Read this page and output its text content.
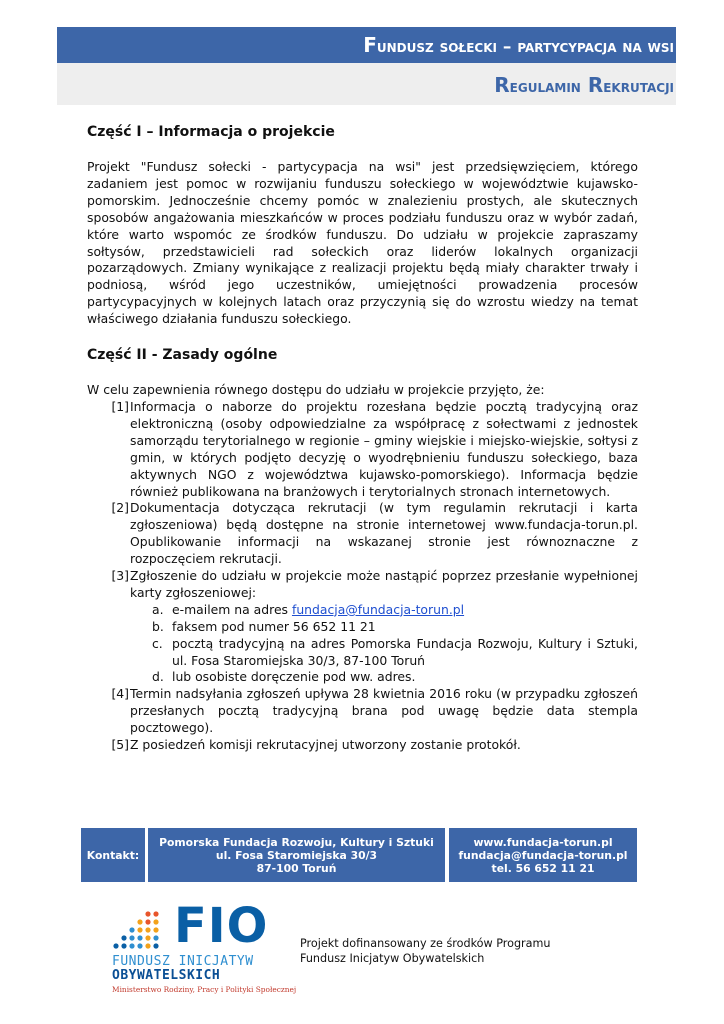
Fundusz sołecki – partycypacja na wsi
Regulamin Rekrutacji
Część I – Informacja o projekcie

Projekt "Fundusz sołecki - partycypacja na wsi" jest przedsięwzięciem, którego zadaniem jest pomoc w rozwijaniu funduszu sołeckiego w województwie kujawsko-pomorskim. Jednocześnie chcemy pomóc w znalezieniu prostych, ale skutecznych sposobów angażowania mieszkańców w proces podziału funduszu oraz w wybór zadań, które warto wspomóc ze środków funduszu. Do udziału w projekcie zapraszamy sołtysów, przedstawicieli rad sołeckich oraz liderów lokalnych organizacji pozarządowych. Zmiany wynikające z realizacji projektu będą miały charakter trwały i podniosą, wśród jego uczestników, umiejętności prowadzenia procesów partycypacyjnych w kolejnych latach oraz przyczynią się do wzrostu wiedzy na temat właściwego działania funduszu sołeckiego.

Część II - Zasady ogólne

W celu zapewnienia równego dostępu do udziału w projekcie przyjęto, że:

[1] Informacja o naborze do projektu rozesłana będzie pocztą tradycyjną oraz elektroniczną (osoby odpowiedzialne za współpracę z sołectwami z jednostek samorządu terytorialnego w regionie – gminy wiejskie i miejsko-wiejskie, sołtysi z gmin, w których podjęto decyzję o wyodrębnieniu funduszu sołeckiego, baza aktywnych NGO z województwa kujawsko-pomorskiego). Informacja będzie również publikowana na branżowych i terytorialnych stronach internetowych.
[2] Dokumentacja dotycząca rekrutacji (w tym regulamin rekrutacji i karta zgłoszeniowa) będą dostępne na stronie internetowej www.fundacja-torun.pl. Opublikowanie informacji na wskazanej stronie jest równoznaczne z rozpoczęciem rekrutacji.
[3] Zgłoszenie do udziału w projekcie może nastąpić poprzez przesłanie wypełnionej karty zgłoszeniowej:
a. e-mailem na adres fundacja@fundacja-torun.pl
b. faksem pod numer 56 652 11 21
c. pocztą tradycyjną na adres Pomorska Fundacja Rozwoju, Kultury i Sztuki, ul. Fosa Staromiejska 30/3, 87-100 Toruń
d. lub osobiste doręczenie pod ww. adres.
[4] Termin nadsyłania zgłoszeń upływa 28 kwietnia 2016 roku (w przypadku zgłoszeń przesłanych pocztą tradycyjną brana pod uwagę będzie data stempla pocztowego).
[5] Z posiedzeń komisji rekrutacyjnej utworzony zostanie protokół.
Kontakt:
Pomorska Fundacja Rozwoju, Kultury i Sztuki
ul. Fosa Staromiejska 30/3
87-100 Toruń
www.fundacja-torun.pl
fundacja@fundacja-torun.pl
tel. 56 652 11 21
FIO
FUNDUSZ INICJATYW
OBYWATELSKICH
Ministerstwo Rodziny, Pracy i Polityki Społecznej
Projekt dofinansowany ze środków Programu
Fundusz Inicjatyw Obywatelskich
